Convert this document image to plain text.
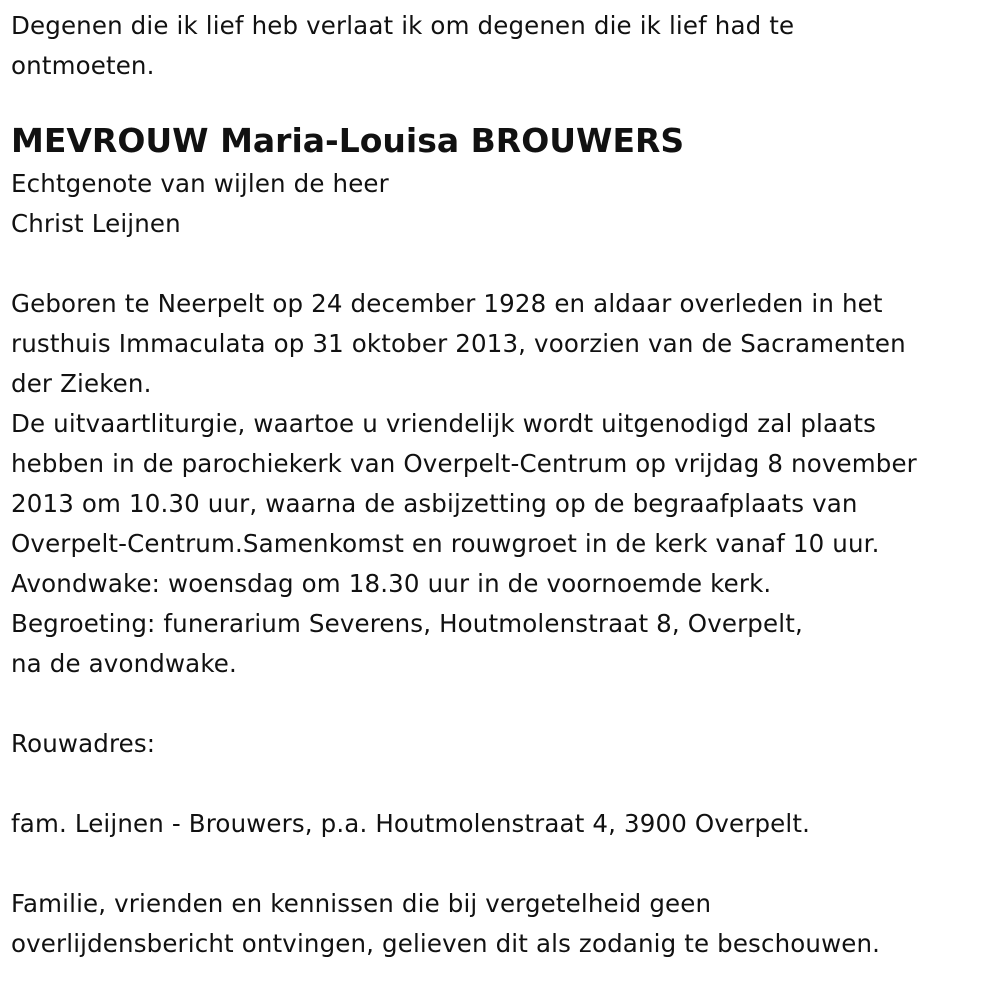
Degenen die ik lief heb verlaat ik om degenen die ik lief had te
ontmoeten.
MEVROUW Maria-Louisa BROUWERS
Echtgenote van wijlen de heer
Christ Leijnen
Geboren te Neerpelt op 24 december 1928 en aldaar overleden in het
rusthuis Immaculata op 31 oktober 2013, voorzien van de Sacramenten
der Zieken.
De uitvaartliturgie, waartoe u vriendelijk wordt uitgenodigd zal plaats
hebben in de parochiekerk van Overpelt-Centrum op vrijdag 8 november
2013 om 10.30 uur, waarna de asbijzetting op de begraafplaats van
Overpelt-Centrum.Samenkomst en rouwgroet in de kerk vanaf 10 uur.
Avondwake: woensdag om 18.30 uur in de voornoemde kerk.
Begroeting: funerarium Severens, Houtmolenstraat 8, Overpelt,
na de avondwake.
Rouwadres:
fam. Leijnen - Brouwers, p.a. Houtmolenstraat 4, 3900 Overpelt.
Familie, vrienden en kennissen die bij vergetelheid geen
overlijdensbericht ontvingen, gelieven dit als zodanig te beschouwen.
